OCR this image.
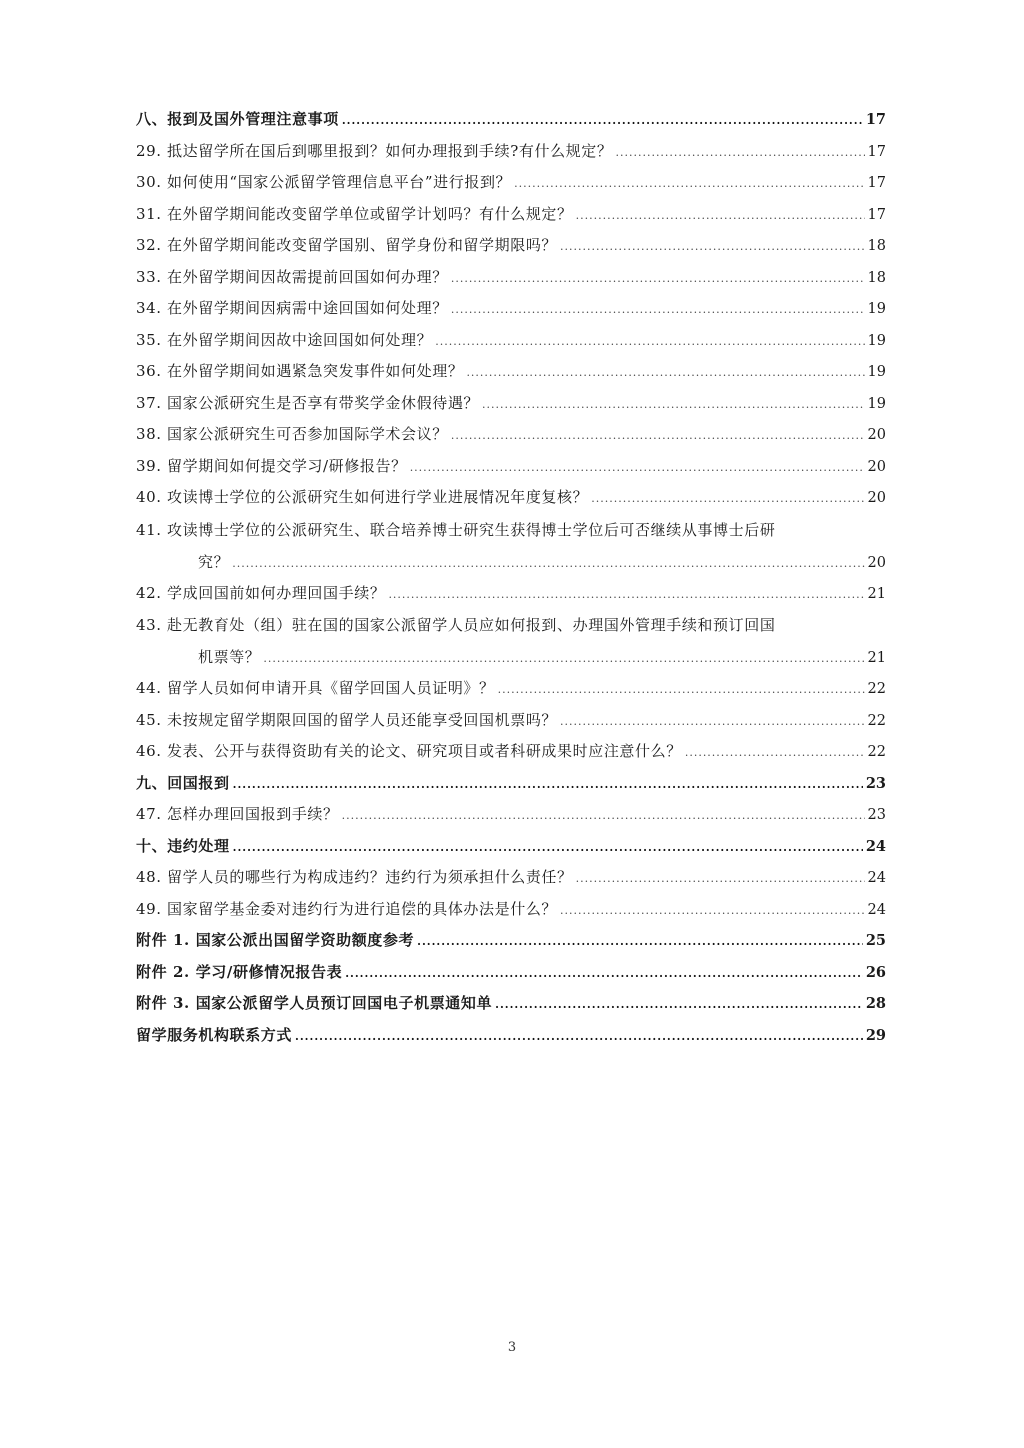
八、报到及国外管理注意事项 .....	17
29. 抵达留学所在国后到哪里报到？如何办理报到手续?有什么规定？ .....	17
30. 如何使用“国家公派留学管理信息平台”进行报到？ .....	17
31. 在外留学期间能改变留学单位或留学计划吗？有什么规定？ .....	17
32. 在外留学期间能改变留学国别、留学身份和留学期限吗？ .....	18
33. 在外留学期间因故需提前回国如何办理？ .....	18
34. 在外留学期间因病需中途回国如何处理？ .....	19
35. 在外留学期间因故中途回国如何处理？ .....	19
36. 在外留学期间如遇紧急突发事件如何处理？ .....	19
37. 国家公派研究生是否享有带奖学金休假待遇？ .....	19
38. 国家公派研究生可否参加国际学术会议？ .....	20
39. 留学期间如何提交学习/研修报告？ .....	20
40. 攻读博士学位的公派研究生如何进行学业进展情况年度复核？ .....	20
41. 攻读博士学位的公派研究生、联合培养博士研究生获得博士学位后可否继续从事博士后研
究？ .....	20
42. 学成回国前如何办理回国手续？ .....	21
43. 赴无教育处（组）驻在国的国家公派留学人员应如何报到、办理国外管理手续和预订回国
机票等？ .....	21
44. 留学人员如何申请开具《留学回国人员证明》？ .....	22
45. 未按规定留学期限回国的留学人员还能享受回国机票吗？ .....	22
46. 发表、公开与获得资助有关的论文、研究项目或者科研成果时应注意什么？ .....	22
九、回国报到 .....	23
47. 怎样办理回国报到手续？ .....	23
十、违约处理 .....	24
48. 留学人员的哪些行为构成违约？违约行为须承担什么责任？ .....	24
49. 国家留学基金委对违约行为进行追偿的具体办法是什么？ .....	24
附件 1. 国家公派出国留学资助额度参考 .....	25
附件 2. 学习/研修情况报告表 .....	26
附件 3. 国家公派留学人员预订回国电子机票通知单 .....	28
留学服务机构联系方式 .....	29
3
